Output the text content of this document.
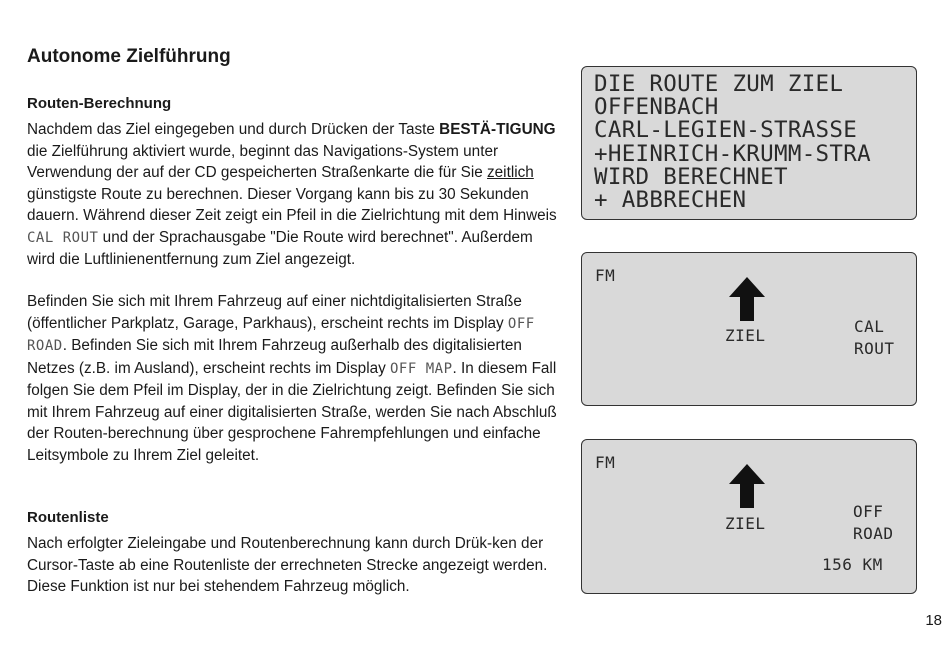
Autonome Zielführung
Routen-Berechnung

Nachdem das Ziel eingegeben und durch Drücken der Taste BESTÄ-TIGUNG die Zielführung aktiviert wurde, beginnt das Navigations-System unter Verwendung der auf der CD gespeicherten Straßenkarte die für Sie zeitlich günstigste Route zu berechnen. Dieser Vorgang kann bis zu 30 Sekunden dauern. Während dieser Zeit zeigt ein Pfeil in die Zielrichtung mit dem Hinweis CAL ROUT und der Sprachausgabe "Die Route wird berechnet". Außerdem wird die Luftlinienentfernung zum Ziel angezeigt.

Befinden Sie sich mit Ihrem Fahrzeug auf einer nichtdigitalisierten Straße (öffentlicher Parkplatz, Garage, Parkhaus), erscheint rechts im Display OFF ROAD. Befinden Sie sich mit Ihrem Fahrzeug außerhalb des digitalisierten Netzes (z.B. im Ausland), erscheint rechts im Display OFF MAP. In diesem Fall folgen Sie dem Pfeil im Display, der in die Zielrichtung zeigt. Befinden Sie sich mit Ihrem Fahrzeug auf einer digitalisierten Straße, werden Sie nach Abschluß der Routen-berechnung über gesprochene Fahrempfehlungen und einfache Leitsymbole zu Ihrem Ziel geleitet.

Routenliste

Nach erfolgter Zieleingabe und Routenberechnung kann durch Drük-ken der Cursor-Taste ab eine Routenliste der errechneten Strecke angezeigt werden. Diese Funktion ist nur bei stehendem Fahrzeug möglich.

DIE ROUTE ZUM ZIEL
OFFENBACH
CARL-LEGIEN-STRASSE
+HEINRICH-KRUMM-STRA
WIRD BERECHNET
+ ABBRECHEN
FM
ZIEL	CAL
ROUT
FM
ZIEL
OFF
ROAD
156 KM

18
